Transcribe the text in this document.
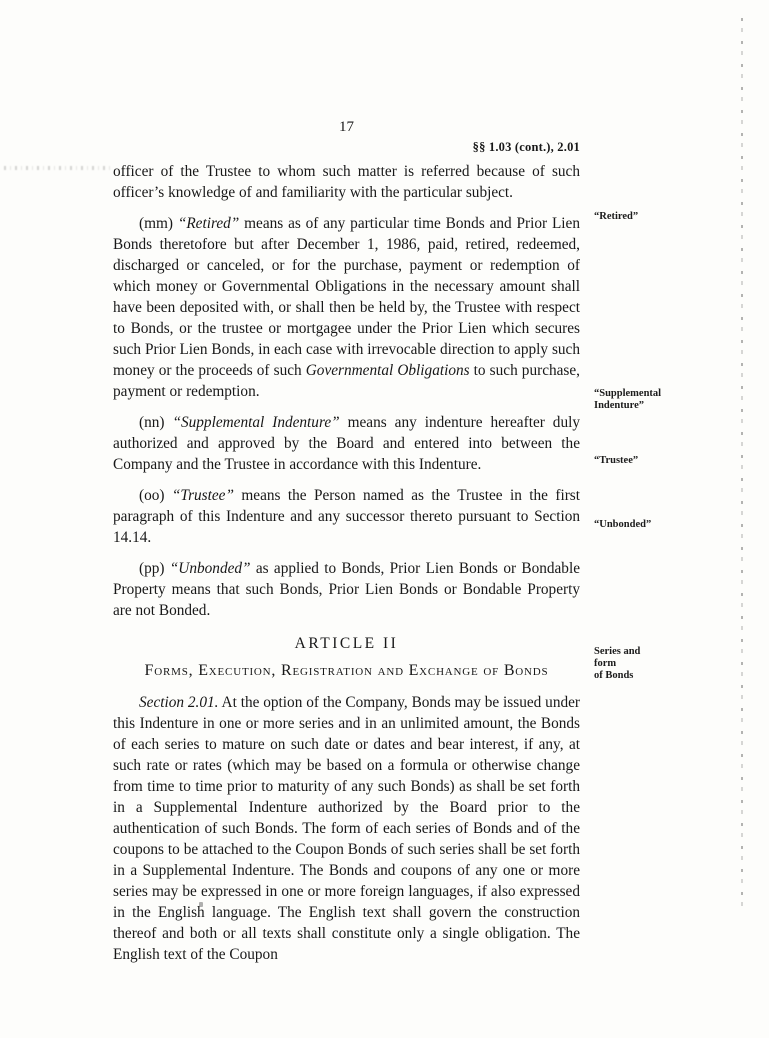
17
§§ 1.03 (cont.), 2.01

officer of the Trustee to whom such matter is referred because of such officer’s knowledge of and familiarity with the particular subject.

(mm) “Retired” means as of any particular time Bonds and Prior Lien Bonds theretofore but after December 1, 1986, paid, retired, redeemed, discharged or canceled, or for the purchase, payment or redemption of which money or Governmental Obligations in the necessary amount shall have been deposited with, or shall then be held by, the Trustee with respect to Bonds, or the trustee or mortgagee under the Prior Lien which secures such Prior Lien Bonds, in each case with irrevocable direction to apply such money or the proceeds of such Governmental Obligations to such purchase, payment or redemption.

(nn) “Supplemental Indenture” means any indenture hereafter duly authorized and approved by the Board and entered into between the Company and the Trustee in accordance with this Indenture.

(oo) “Trustee” means the Person named as the Trustee in the first paragraph of this Indenture and any successor thereto pursuant to Section 14.14.

(pp) “Unbonded” as applied to Bonds, Prior Lien Bonds or Bondable Property means that such Bonds, Prior Lien Bonds or Bondable Property are not Bonded.

ARTICLE II
Forms, Execution, Registration and Exchange of Bonds

Section 2.01. At the option of the Company, Bonds may be issued under this Indenture in one or more series and in an unlimited amount, the Bonds of each series to mature on such date or dates and bear interest, if any, at such rate or rates (which may be based on a formula or otherwise change from time to time prior to maturity of any such Bonds) as shall be set forth in a Supplemental Indenture authorized by the Board prior to the authentication of such Bonds. The form of each series of Bonds and of the coupons to be attached to the Coupon Bonds of such series shall be set forth in a Supplemental Indenture. The Bonds and coupons of any one or more series may be expressed in one or more foreign languages, if also expressed in the English language. The English text shall govern the construction thereof and both or all texts shall constitute only a single obligation. The English text of the Coupon

“Retired”
“Supplemental
Indenture”
“Trustee”
“Unbonded”
Series and
form
of Bonds
